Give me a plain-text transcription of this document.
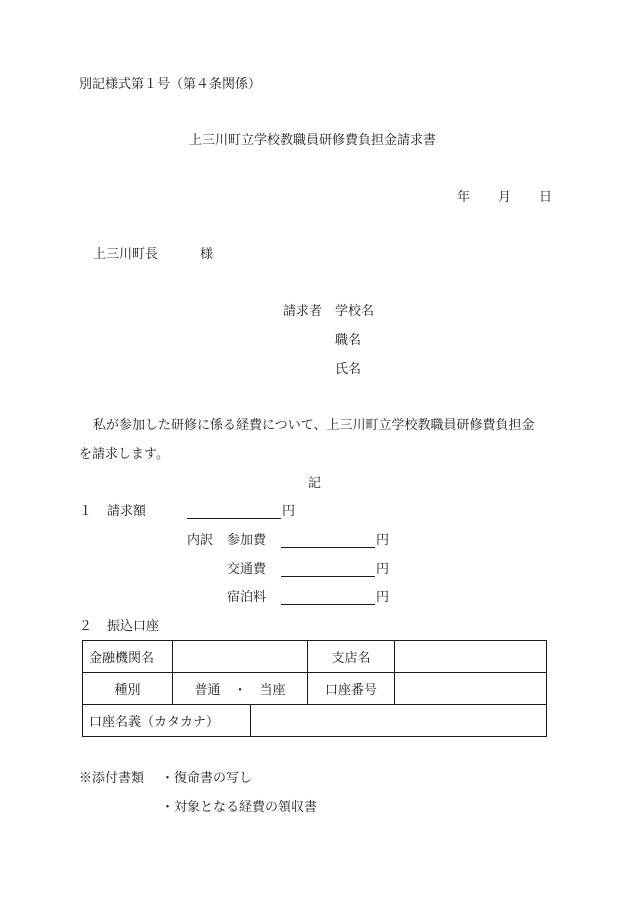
別記様式第１号（第４条関係）
上三川町立学校教職員研修費負担金請求書
年 月 日
上三川町長	様
請求者 学校名
職名
氏名
私が参加した研修に係る経費について、上三川町立学校教職員研修費負担金
を請求します。
記
１ 請求額	円
内訳 参加費	円
交通費	円
宿泊料	円
２ 振込口座
金融機関名			支店名	
種別	普通　・　当座		口座番号	
口座名義（カタカナ）				
※添付書類 ・復命書の写し
・対象となる経費の領収書
